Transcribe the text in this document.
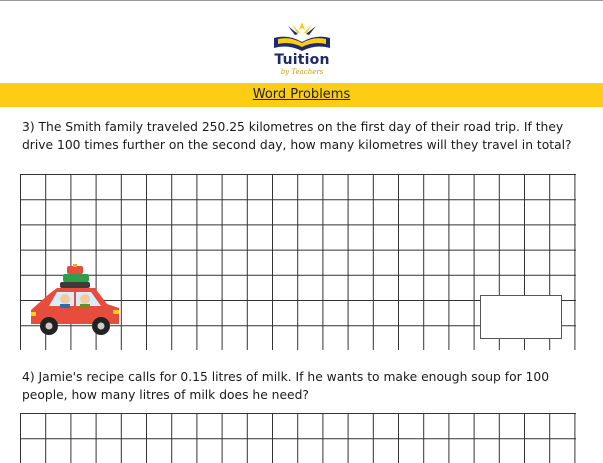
Tuition
by Teachers
Word Problems
3) The Smith family traveled 250.25 kilometres on the first day of their road trip. If they drive 100 times further on the second day, how many kilometres will they travel in total?
4) Jamie's recipe calls for 0.15 litres of milk. If he wants to make enough soup for 100 people, how many litres of milk does he need?
